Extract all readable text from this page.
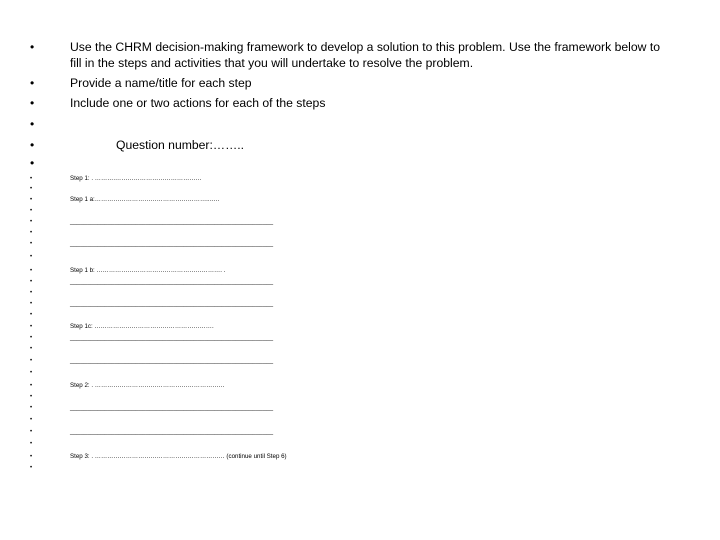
•	Use the CHRM decision-making framework to develop a solution to this problem. Use the framework below to fill in the steps and activities that you will undertake to resolve the problem.
•	Provide a name/title for each step
•	Include one or two actions for each of the steps
•
•	Question number:……..
•
•	Step 1: . ……….……………………………………
•
•	Step 1 a:………………………………………………..…..
•
•	___________________________________________________________
•
•	___________________________________________________________
•
•	Step 1 b: ……………………………………………………. .
•	___________________________________________________________
•
•	___________________________________________________________
•
•	Step 1c: ………………………………………………….
•	___________________________________________________________
•
•	___________________________________________________________
•
•	Step 2: . ………………………………………………………
•
•	___________________________________________________________
•
•	___________________________________________________________
•
•	Step 3: . ……………………………………………………… (continue until Step 6)
•
